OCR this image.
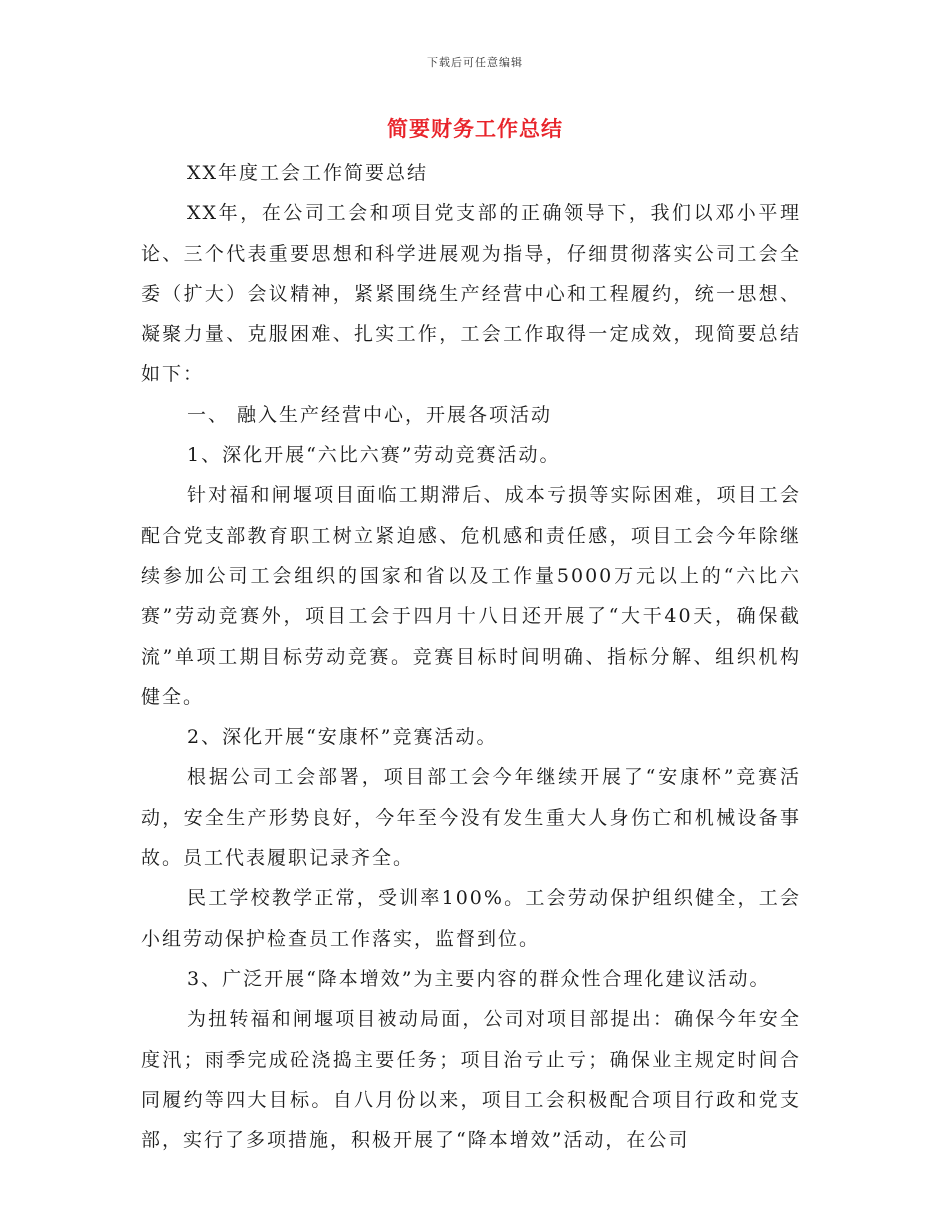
下载后可任意编辑
简要财务工作总结

XX年度工会工作简要总结

XX年，在公司工会和项目党支部的正确领导下，我们以邓小平理论、三个代表重要思想和科学进展观为指导，仔细贯彻落实公司工会全委（扩大）会议精神，紧紧围绕生产经营中心和工程履约，统一思想、凝聚力量、克服困难、扎实工作，工会工作取得一定成效，现简要总结如下：

一、 融入生产经营中心，开展各项活动

1、深化开展“六比六赛”劳动竞赛活动。

针对福和闸堰项目面临工期滞后、成本亏损等实际困难，项目工会配合党支部教育职工树立紧迫感、危机感和责任感，项目工会今年除继续参加公司工会组织的国家和省以及工作量5000万元以上的“六比六赛”劳动竞赛外，项目工会于四月十八日还开展了“大干40天，确保截流”单项工期目标劳动竞赛。竞赛目标时间明确、指标分解、组织机构健全。

2、深化开展“安康杯”竞赛活动。

根据公司工会部署，项目部工会今年继续开展了“安康杯”竞赛活动，安全生产形势良好，今年至今没有发生重大人身伤亡和机械设备事故。员工代表履职记录齐全。

民工学校教学正常，受训率100%。工会劳动保护组织健全，工会小组劳动保护检查员工作落实，监督到位。

3、广泛开展“降本增效”为主要内容的群众性合理化建议活动。

为扭转福和闸堰项目被动局面，公司对项目部提出：确保今年安全度汛；雨季完成砼浇捣主要任务；项目治亏止亏；确保业主规定时间合同履约等四大目标。自八月份以来，项目工会积极配合项目行政和党支部，实行了多项措施，积极开展了“降本增效”活动，在公司
